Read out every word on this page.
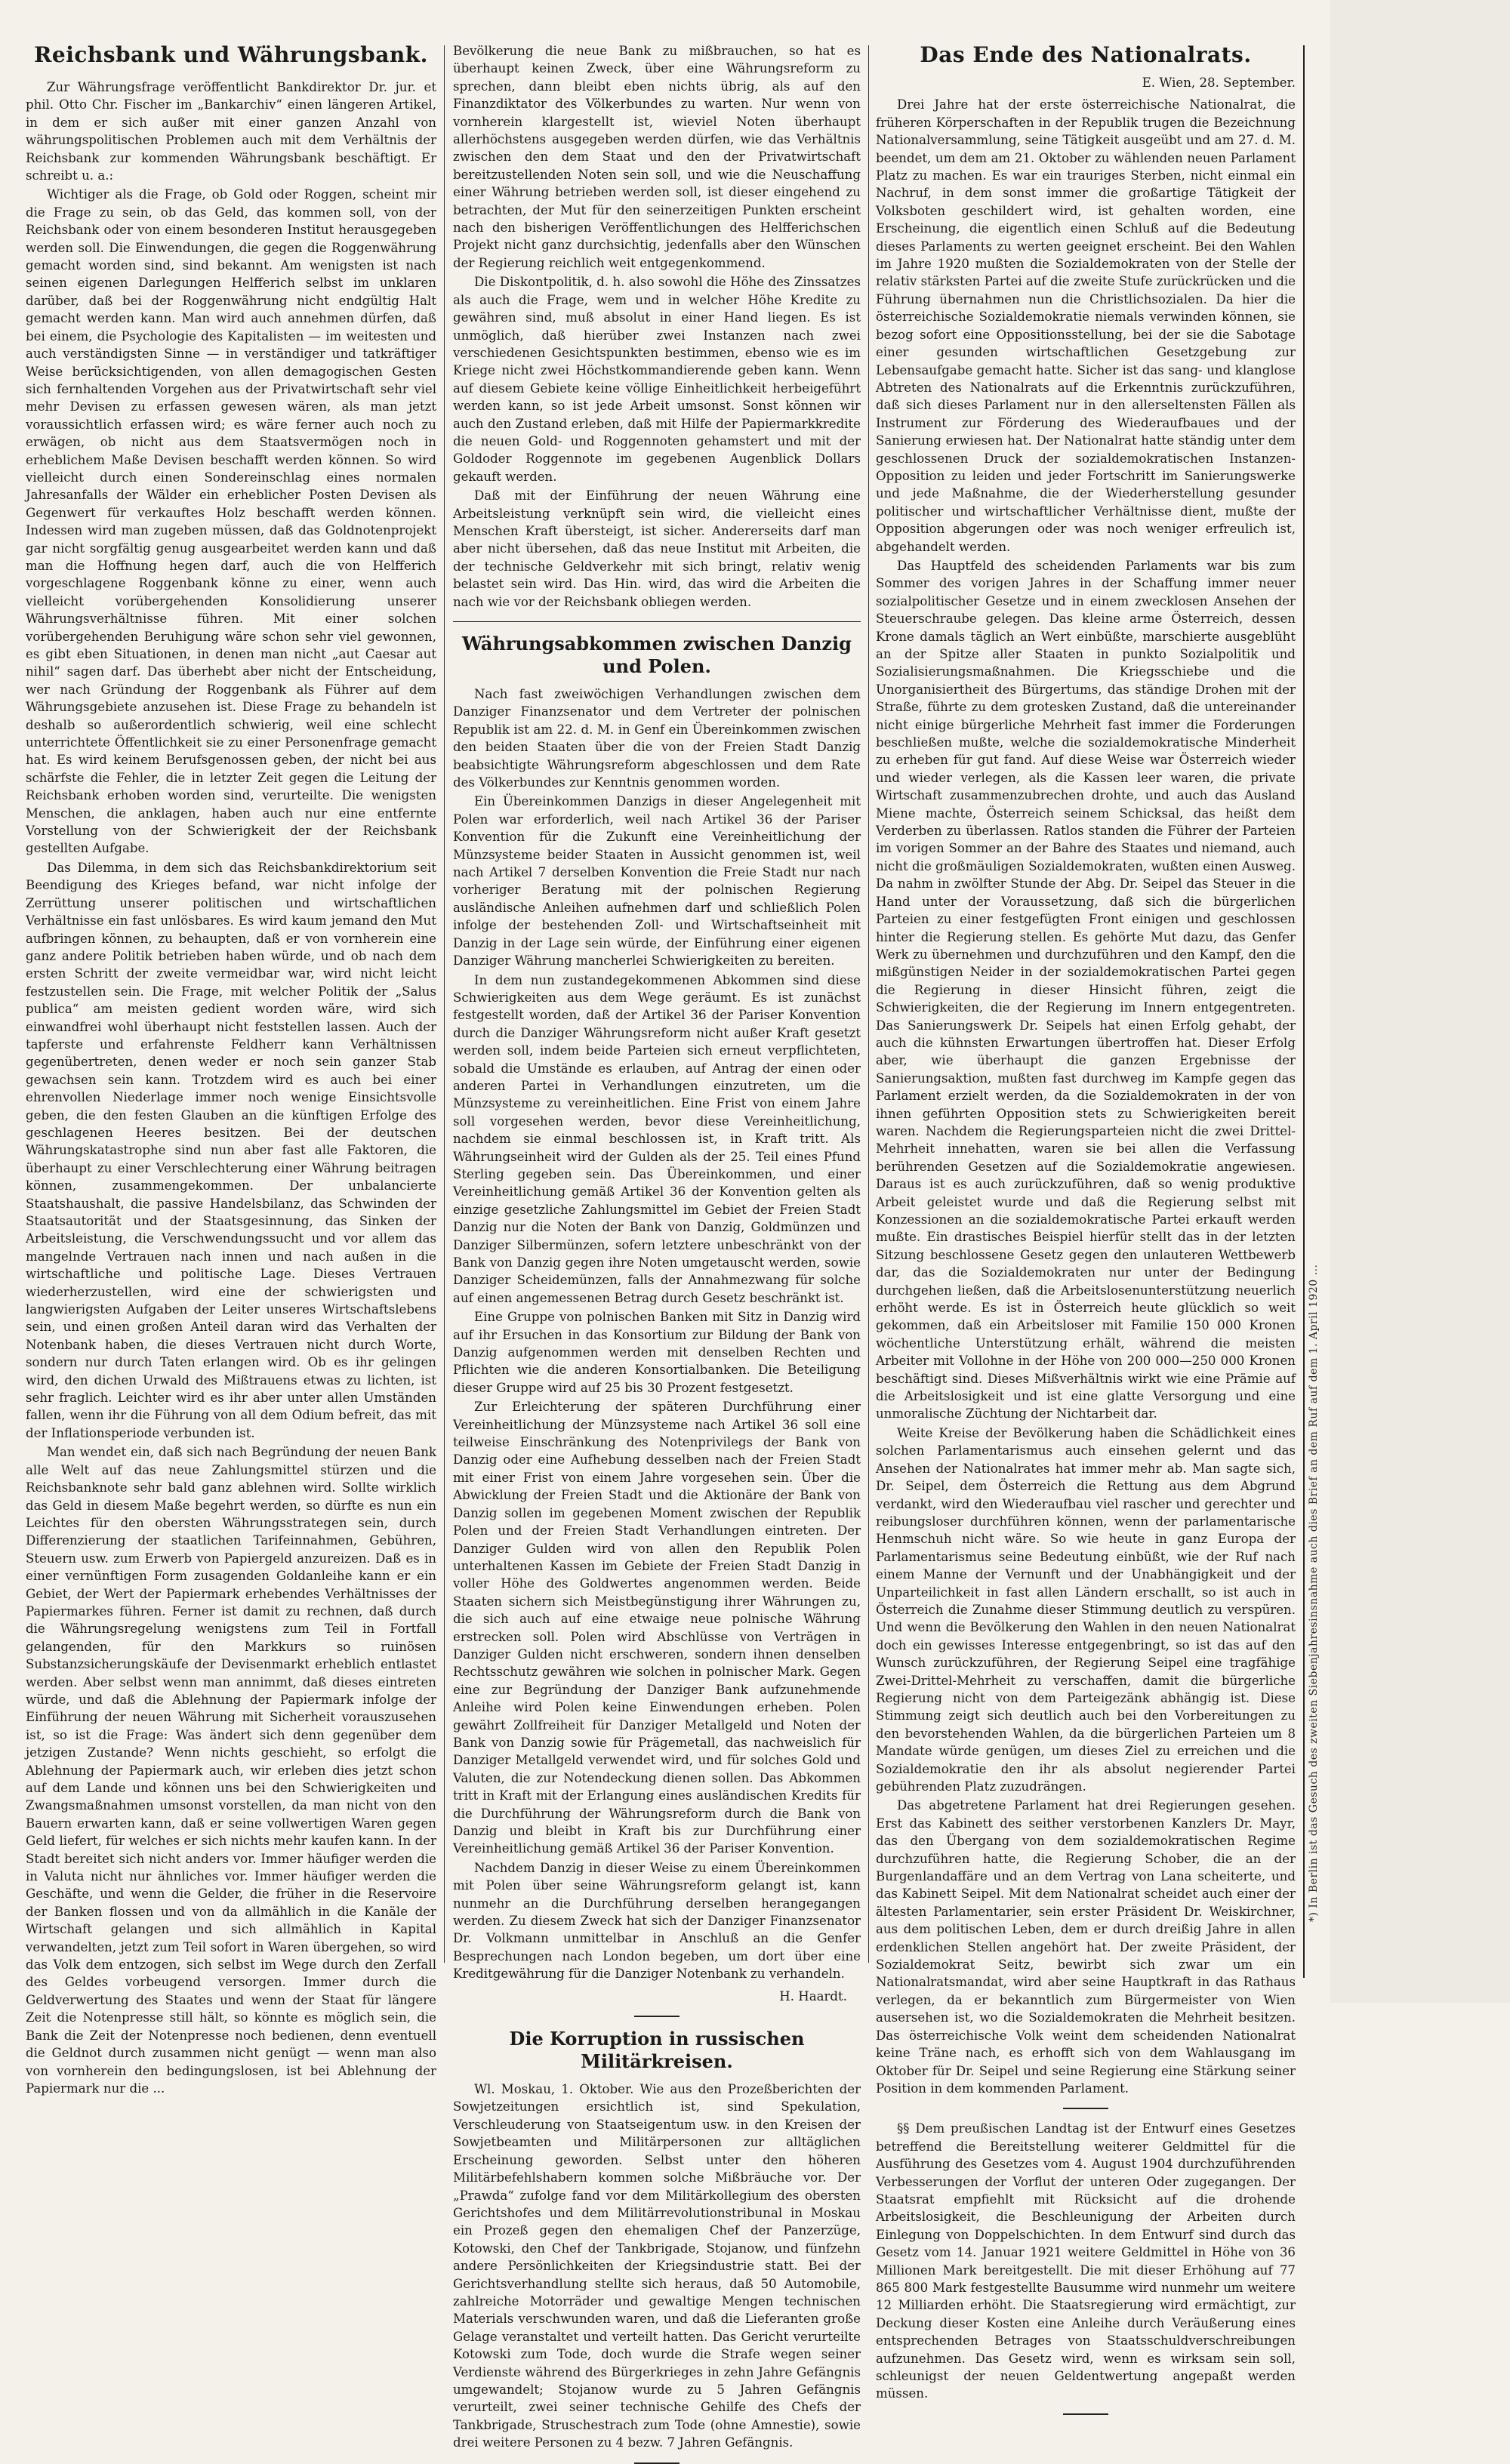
Reichsbank und Währungsbank.

Zur Währungsfrage veröffentlicht Bankdirektor Dr. jur. et phil. Otto Chr. Fischer im „Bankarchiv“ einen längeren Artikel, in dem er sich außer mit einer ganzen Anzahl von währungspolitischen Problemen auch mit dem Verhältnis der Reichsbank zur kommenden Währungsbank beschäftigt. Er schreibt u. a.:

Wichtiger als die Frage, ob Gold oder Roggen, scheint mir die Frage zu sein, ob das Geld, das kommen soll, von der Reichsbank oder von einem besonderen Institut herausgegeben werden soll. Die Einwendungen, die gegen die Roggenwährung gemacht worden sind, sind bekannt. Am wenigsten ist nach seinen eigenen Darlegungen Helfferich selbst im unklaren darüber, daß bei der Roggenwährung nicht endgültig Halt gemacht werden kann. Man wird auch annehmen dürfen, daß bei einem, die Psychologie des Kapitalisten — im weitesten und auch verständigsten Sinne — in verständiger und tatkräftiger Weise berücksichtigenden, von allen demagogischen Gesten sich fernhaltenden Vorgehen aus der Privatwirtschaft sehr viel mehr Devisen zu erfassen gewesen wären, als man jetzt voraussichtlich erfassen wird; es wäre ferner auch noch zu erwägen, ob nicht aus dem Staatsvermögen noch in erheblichem Maße Devisen beschafft werden können. So wird vielleicht durch einen Sondereinschlag eines normalen Jahresanfalls der Wälder ein erheblicher Posten Devisen als Gegenwert für verkauftes Holz beschafft werden können. Indessen wird man zugeben müssen, daß das Goldnotenprojekt gar nicht sorgfältig genug ausgearbeitet werden kann und daß man die Hoffnung hegen darf, auch die von Helfferich vorgeschlagene Roggenbank könne zu einer, wenn auch vielleicht vorübergehenden Konsolidierung unserer Währungsverhältnisse führen. Mit einer solchen vorübergehenden Beruhigung wäre schon sehr viel gewonnen, es gibt eben Situationen, in denen man nicht „aut Caesar aut nihil“ sagen darf. Das überhebt aber nicht der Entscheidung, wer nach Gründung der Roggenbank als Führer auf dem Währungsgebiete anzusehen ist. Diese Frage zu behandeln ist deshalb so außerordentlich schwierig, weil eine schlecht unterrichtete Öffentlichkeit sie zu einer Personenfrage gemacht hat. Es wird keinem Berufsgenossen geben, der nicht bei aus schärfste die Fehler, die in letzter Zeit gegen die Leitung der Reichsbank erhoben worden sind, verurteilte. Die wenigsten Menschen, die anklagen, haben auch nur eine entfernte Vorstellung von der Schwierigkeit der der Reichsbank gestellten Aufgabe.

Das Dilemma, in dem sich das Reichsbankdirektorium seit Beendigung des Krieges befand, war nicht infolge der Zerrüttung unserer politischen und wirtschaftlichen Verhältnisse ein fast unlösbares. Es wird kaum jemand den Mut aufbringen können, zu behaupten, daß er von vornherein eine ganz andere Politik betrieben haben würde, und ob nach dem ersten Schritt der zweite vermeidbar war, wird nicht leicht festzustellen sein. Die Frage, mit welcher Politik der „Salus publica“ am meisten gedient worden wäre, wird sich einwandfrei wohl überhaupt nicht feststellen lassen. Auch der tapferste und erfahrenste Feldherr kann Verhältnissen gegenübertreten, denen weder er noch sein ganzer Stab gewachsen sein kann. Trotzdem wird es auch bei einer ehrenvollen Niederlage immer noch wenige Einsichtsvolle geben, die den festen Glauben an die künftigen Erfolge des geschlagenen Heeres besitzen. Bei der deutschen Währungskatastrophe sind nun aber fast alle Faktoren, die überhaupt zu einer Verschlechterung einer Währung beitragen können, zusammengekommen. Der unbalancierte Staatshaushalt, die passive Handelsbilanz, das Schwinden der Staatsautorität und der Staatsgesinnung, das Sinken der Arbeitsleistung, die Verschwendungssucht und vor allem das mangelnde Vertrauen nach innen und nach außen in die wirtschaftliche und politische Lage. Dieses Vertrauen wiederherzustellen, wird eine der schwierigsten und langwierigsten Aufgaben der Leiter unseres Wirtschaftslebens sein, und einen großen Anteil daran wird das Verhalten der Notenbank haben, die dieses Vertrauen nicht durch Worte, sondern nur durch Taten erlangen wird. Ob es ihr gelingen wird, den dichen Urwald des Mißtrauens etwas zu lichten, ist sehr fraglich. Leichter wird es ihr aber unter allen Umständen fallen, wenn ihr die Führung von all dem Odium befreit, das mit der Inflationsperiode verbunden ist.

Man wendet ein, daß sich nach Begründung der neuen Bank alle Welt auf das neue Zahlungsmittel stürzen und die Reichsbanknote sehr bald ganz ablehnen wird. Sollte wirklich das Geld in diesem Maße begehrt werden, so dürfte es nun ein Leichtes für den obersten Währungsstrategen sein, durch Differenzierung der staatlichen Tarifeinnahmen, Gebühren, Steuern usw. zum Erwerb von Papiergeld anzureizen. Daß es in einer vernünftigen Form zusagenden Goldanleihe kann er ein Gebiet, der Wert der Papiermark erhebendes Verhältnisses der Papiermarkes führen. Ferner ist damit zu rechnen, daß durch die Währungsregelung wenigstens zum Teil in Fortfall gelangenden, für den Markkurs so ruinösen Substanzsicherungskäufe der Devisenmarkt erheblich entlastet werden. Aber selbst wenn man annimmt, daß dieses eintreten würde, und daß die Ablehnung der Papiermark infolge der Einführung der neuen Währung mit Sicherheit vorauszusehen ist, so ist die Frage: Was ändert sich denn gegenüber dem jetzigen Zustande? Wenn nichts geschieht, so erfolgt die Ablehnung der Papiermark auch, wir erleben dies jetzt schon auf dem Lande und können uns bei den Schwierigkeiten und Zwangsmaßnahmen umsonst vorstellen, da man nicht von den Bauern erwarten kann, daß er seine vollwertigen Waren gegen Geld liefert, für welches er sich nichts mehr kaufen kann. In der Stadt bereitet sich nicht anders vor. Immer häufiger werden die in Valuta nicht nur ähnliches vor. Immer häufiger werden die Geschäfte, und wenn die Gelder, die früher in die Reservoire der Banken flossen und von da allmählich in die Kanäle der Wirtschaft gelangen und sich allmählich in Kapital verwandelten, jetzt zum Teil sofort in Waren übergehen, so wird das Volk dem entzogen, sich selbst im Wege durch den Zerfall des Geldes vorbeugend versorgen. Immer durch die Geldverwertung des Staates und wenn der Staat für längere Zeit die Notenpresse still hält, so könnte es möglich sein, die Bank die Zeit der Notenpresse noch bedienen, denn eventuell die Geldnot durch zusammen nicht genügt — wenn man also von vornherein den bedingungslosen, ist bei Ablehnung der Papiermark nur die ...

Bevölkerung die neue Bank zu mißbrauchen, so hat es überhaupt keinen Zweck, über eine Währungsreform zu sprechen, dann bleibt eben nichts übrig, als auf den Finanzdiktator des Völkerbundes zu warten. Nur wenn von vornherein klargestellt ist, wieviel Noten überhaupt allerhöchstens ausgegeben werden dürfen, wie das Verhältnis zwischen den dem Staat und den der Privatwirtschaft bereitzustellenden Noten sein soll, und wie die Neuschaffung einer Währung betrieben werden soll, ist dieser eingehend zu betrachten, der Mut für den seinerzeitigen Punkten erscheint nach den bisherigen Veröffentlichungen des Helfferichschen Projekt nicht ganz durchsichtig, jedenfalls aber den Wünschen der Regierung reichlich weit entgegenkommend.

Die Diskontpolitik, d. h. also sowohl die Höhe des Zinssatzes als auch die Frage, wem und in welcher Höhe Kredite zu gewähren sind, muß absolut in einer Hand liegen. Es ist unmöglich, daß hierüber zwei Instanzen nach zwei verschiedenen Gesichtspunkten bestimmen, ebenso wie es im Kriege nicht zwei Höchstkommandierende geben kann. Wenn auf diesem Gebiete keine völlige Einheitlichkeit herbeigeführt werden kann, so ist jede Arbeit umsonst. Sonst können wir auch den Zustand erleben, daß mit Hilfe der Papiermarkkredite die neuen Gold- und Roggennoten gehamstert und mit der Goldoder Roggennote im gegebenen Augenblick Dollars gekauft werden.

Daß mit der Einführung der neuen Währung eine Arbeitsleistung verknüpft sein wird, die vielleicht eines Menschen Kraft übersteigt, ist sicher. Andererseits darf man aber nicht übersehen, daß das neue Institut mit Arbeiten, die der technische Geldverkehr mit sich bringt, relativ wenig belastet sein wird. Das Hin. wird, das wird die Arbeiten die nach wie vor der Reichsbank obliegen werden.

Währungsabkommen zwischen Danzig und Polen.

Nach fast zweiwöchigen Verhandlungen zwischen dem Danziger Finanzsenator und dem Vertreter der polnischen Republik ist am 22. d. M. in Genf ein Übereinkommen zwischen den beiden Staaten über die von der Freien Stadt Danzig beabsichtigte Währungsreform abgeschlossen und dem Rate des Völkerbundes zur Kenntnis genommen worden.

Ein Übereinkommen Danzigs in dieser Angelegenheit mit Polen war erforderlich, weil nach Artikel 36 der Pariser Konvention für die Zukunft eine Vereinheitlichung der Münzsysteme beider Staaten in Aussicht genommen ist, weil nach Artikel 7 derselben Konvention die Freie Stadt nur nach vorheriger Beratung mit der polnischen Regierung ausländische Anleihen aufnehmen darf und schließlich Polen infolge der bestehenden Zoll- und Wirtschaftseinheit mit Danzig in der Lage sein würde, der Einführung einer eigenen Danziger Währung mancherlei Schwierigkeiten zu bereiten.

In dem nun zustandegekommenen Abkommen sind diese Schwierigkeiten aus dem Wege geräumt. Es ist zunächst festgestellt worden, daß der Artikel 36 der Pariser Konvention durch die Danziger Währungsreform nicht außer Kraft gesetzt werden soll, indem beide Parteien sich erneut verpflichteten, sobald die Umstände es erlauben, auf Antrag der einen oder anderen Partei in Verhandlungen einzutreten, um die Münzsysteme zu vereinheitlichen. Eine Frist von einem Jahre soll vorgesehen werden, bevor diese Vereinheitlichung, nachdem sie einmal beschlossen ist, in Kraft tritt. Als Währungseinheit wird der Gulden als der 25. Teil eines Pfund Sterling gegeben sein. Das Übereinkommen, und einer Vereinheitlichung gemäß Artikel 36 der Konvention gelten als einzige gesetzliche Zahlungsmittel im Gebiet der Freien Stadt Danzig nur die Noten der Bank von Danzig, Goldmünzen und Danziger Silbermünzen, sofern letztere unbeschränkt von der Bank von Danzig gegen ihre Noten umgetauscht werden, sowie Danziger Scheidemünzen, falls der Annahmezwang für solche auf einen angemessenen Betrag durch Gesetz beschränkt ist.

Eine Gruppe von polnischen Banken mit Sitz in Danzig wird auf ihr Ersuchen in das Konsortium zur Bildung der Bank von Danzig aufgenommen werden mit denselben Rechten und Pflichten wie die anderen Konsortialbanken. Die Beteiligung dieser Gruppe wird auf 25 bis 30 Prozent festgesetzt.

Zur Erleichterung der späteren Durchführung einer Vereinheitlichung der Münzsysteme nach Artikel 36 soll eine teilweise Einschränkung des Notenprivilegs der Bank von Danzig oder eine Aufhebung desselben nach der Freien Stadt mit einer Frist von einem Jahre vorgesehen sein. Über die Abwicklung der Freien Stadt und die Aktionäre der Bank von Danzig sollen im gegebenen Moment zwischen der Republik Polen und der Freien Stadt Verhandlungen eintreten. Der Danziger Gulden wird von allen den Republik Polen unterhaltenen Kassen im Gebiete der Freien Stadt Danzig in voller Höhe des Goldwertes angenommen werden. Beide Staaten sichern sich Meistbegünstigung ihrer Währungen zu, die sich auch auf eine etwaige neue polnische Währung erstrecken soll. Polen wird Abschlüsse von Verträgen in Danziger Gulden nicht erschweren, sondern ihnen denselben Rechtsschutz gewähren wie solchen in polnischer Mark. Gegen eine zur Begründung der Danziger Bank aufzunehmende Anleihe wird Polen keine Einwendungen erheben. Polen gewährt Zollfreiheit für Danziger Metallgeld und Noten der Bank von Danzig sowie für Prägemetall, das nachweislich für Danziger Metallgeld verwendet wird, und für solches Gold und Valuten, die zur Notendeckung dienen sollen. Das Abkommen tritt in Kraft mit der Erlangung eines ausländischen Kredits für die Durchführung der Währungsreform durch die Bank von Danzig und bleibt in Kraft bis zur Durchführung einer Vereinheitlichung gemäß Artikel 36 der Pariser Konvention.

Nachdem Danzig in dieser Weise zu einem Übereinkommen mit Polen über seine Währungsreform gelangt ist, kann nunmehr an die Durchführung derselben herangegangen werden. Zu diesem Zweck hat sich der Danziger Finanzsenator Dr. Volkmann unmittelbar in Anschluß an die Genfer Besprechungen nach London begeben, um dort über eine Kreditgewährung für die Danziger Notenbank zu verhandeln.

H. Haardt.
Die Korruption in russischen Militärkreisen.

Wl. Moskau, 1. Oktober. Wie aus den Prozeßberichten der Sowjetzeitungen ersichtlich ist, sind Spekulation, Verschleuderung von Staatseigentum usw. in den Kreisen der Sowjetbeamten und Militärpersonen zur alltäglichen Erscheinung geworden. Selbst unter den höheren Militärbefehlshabern kommen solche Mißbräuche vor. Der „Prawda“ zufolge fand vor dem Militärkollegium des obersten Gerichtshofes und dem Militärrevolutionstribunal in Moskau ein Prozeß gegen den ehemaligen Chef der Panzerzüge, Kotowski, den Chef der Tankbrigade, Stojanow, und fünfzehn andere Persönlichkeiten der Kriegsindustrie statt. Bei der Gerichtsverhandlung stellte sich heraus, daß 50 Automobile, zahlreiche Motorräder und gewaltige Mengen technischen Materials verschwunden waren, und daß die Lieferanten große Gelage veranstaltet und verteilt hatten. Das Gericht verurteilte Kotowski zum Tode, doch wurde die Strafe wegen seiner Verdienste während des Bürgerkrieges in zehn Jahre Gefängnis umgewandelt; Stojanow wurde zu 5 Jahren Gefängnis verurteilt, zwei seiner technische Gehilfe des Chefs der Tankbrigade, Struschestrach zum Tode (ohne Amnestie), sowie drei weitere Personen zu 4 bezw. 7 Jahren Gefängnis.

Das Ende des Nationalrats.
E. Wien, 28. September.

Drei Jahre hat der erste österreichische Nationalrat, die früheren Körperschaften in der Republik trugen die Bezeichnung Nationalversammlung, seine Tätigkeit ausgeübt und am 27. d. M. beendet, um dem am 21. Oktober zu wählenden neuen Parlament Platz zu machen. Es war ein trauriges Sterben, nicht einmal ein Nachruf, in dem sonst immer die großartige Tätigkeit der Volksboten geschildert wird, ist gehalten worden, eine Erscheinung, die eigentlich einen Schluß auf die Bedeutung dieses Parlaments zu werten geeignet erscheint. Bei den Wahlen im Jahre 1920 mußten die Sozialdemokraten von der Stelle der relativ stärksten Partei auf die zweite Stufe zurückrücken und die Führung übernahmen nun die Christlichsozialen. Da hier die österreichische Sozialdemokratie niemals verwinden können, sie bezog sofort eine Oppositionsstellung, bei der sie die Sabotage einer gesunden wirtschaftlichen Gesetzgebung zur Lebensaufgabe gemacht hatte. Sicher ist das sang- und klanglose Abtreten des Nationalrats auf die Erkenntnis zurückzuführen, daß sich dieses Parlament nur in den allerseltensten Fällen als Instrument zur Förderung des Wiederaufbaues und der Sanierung erwiesen hat. Der Nationalrat hatte ständig unter dem geschlossenen Druck der sozialdemokratischen Instanzen-Opposition zu leiden und jeder Fortschritt im Sanierungswerke und jede Maßnahme, die der Wiederherstellung gesunder politischer und wirtschaftlicher Verhältnisse dient, mußte der Opposition abgerungen oder was noch weniger erfreulich ist, abgehandelt werden.

Das Hauptfeld des scheidenden Parlaments war bis zum Sommer des vorigen Jahres in der Schaffung immer neuer sozialpolitischer Gesetze und in einem zwecklosen Ansehen der Steuerschraube gelegen. Das kleine arme Österreich, dessen Krone damals täglich an Wert einbüßte, marschierte ausgeblüht an der Spitze aller Staaten in punkto Sozialpolitik und Sozialisierungsmaßnahmen. Die Kriegsschiebe und die Unorganisiertheit des Bürgertums, das ständige Drohen mit der Straße, führte zu dem grotesken Zustand, daß die untereinander nicht einige bürgerliche Mehrheit fast immer die Forderungen beschließen mußte, welche die sozialdemokratische Minderheit zu erheben für gut fand. Auf diese Weise war Österreich wieder und wieder verlegen, als die Kassen leer waren, die private Wirtschaft zusammenzubrechen drohte, und auch das Ausland Miene machte, Österreich seinem Schicksal, das heißt dem Verderben zu überlassen. Ratlos standen die Führer der Parteien im vorigen Sommer an der Bahre des Staates und niemand, auch nicht die großmäuligen Sozialdemokraten, wußten einen Ausweg. Da nahm in zwölfter Stunde der Abg. Dr. Seipel das Steuer in die Hand unter der Voraussetzung, daß sich die bürgerlichen Parteien zu einer festgefügten Front einigen und geschlossen hinter die Regierung stellen. Es gehörte Mut dazu, das Genfer Werk zu übernehmen und durchzuführen und den Kampf, den die mißgünstigen Neider in der sozialdemokratischen Partei gegen die Regierung in dieser Hinsicht führen, zeigt die Schwierigkeiten, die der Regierung im Innern entgegentreten. Das Sanierungswerk Dr. Seipels hat einen Erfolg gehabt, der auch die kühnsten Erwartungen übertroffen hat. Dieser Erfolg aber, wie überhaupt die ganzen Ergebnisse der Sanierungsaktion, mußten fast durchweg im Kampfe gegen das Parlament erzielt werden, da die Sozialdemokraten in der von ihnen geführten Opposition stets zu Schwierigkeiten bereit waren. Nachdem die Regierungsparteien nicht die zwei Drittel-Mehrheit innehatten, waren sie bei allen die Verfassung berührenden Gesetzen auf die Sozialdemokratie angewiesen. Daraus ist es auch zurückzuführen, daß so wenig produktive Arbeit geleistet wurde und daß die Regierung selbst mit Konzessionen an die sozialdemokratische Partei erkauft werden mußte. Ein drastisches Beispiel hierfür stellt das in der letzten Sitzung beschlossene Gesetz gegen den unlauteren Wettbewerb dar, das die Sozialdemokraten nur unter der Bedingung durchgehen ließen, daß die Arbeitslosenunterstützung neuerlich erhöht werde. Es ist in Österreich heute glücklich so weit gekommen, daß ein Arbeitsloser mit Familie 150 000 Kronen wöchentliche Unterstützung erhält, während die meisten Arbeiter mit Vollohne in der Höhe von 200 000—250 000 Kronen beschäftigt sind. Dieses Mißverhältnis wirkt wie eine Prämie auf die Arbeitslosigkeit und ist eine glatte Versorgung und eine unmoralische Züchtung der Nichtarbeit dar.

Weite Kreise der Bevölkerung haben die Schädlichkeit eines solchen Parlamentarismus auch einsehen gelernt und das Ansehen der Nationalrates hat immer mehr ab. Man sagte sich, Dr. Seipel, dem Österreich die Rettung aus dem Abgrund verdankt, wird den Wiederaufbau viel rascher und gerechter und reibungsloser durchführen können, wenn der parlamentarische Henmschuh nicht wäre. So wie heute in ganz Europa der Parlamentarismus seine Bedeutung einbüßt, wie der Ruf nach einem Manne der Vernunft und der Unabhängigkeit und der Unparteilichkeit in fast allen Ländern erschallt, so ist auch in Österreich die Zunahme dieser Stimmung deutlich zu verspüren. Und wenn die Bevölkerung den Wahlen in den neuen Nationalrat doch ein gewisses Interesse entgegenbringt, so ist das auf den Wunsch zurückzuführen, der Regierung Seipel eine tragfähige Zwei-Drittel-Mehrheit zu verschaffen, damit die bürgerliche Regierung nicht von dem Parteigezänk abhängig ist. Diese Stimmung zeigt sich deutlich auch bei den Vorbereitungen zu den bevorstehenden Wahlen, da die bürgerlichen Parteien um 8 Mandate würde genügen, um dieses Ziel zu erreichen und die Sozialdemokratie den ihr als absolut negierender Partei gebührenden Platz zuzudrängen.

Das abgetretene Parlament hat drei Regierungen gesehen. Erst das Kabinett des seither verstorbenen Kanzlers Dr. Mayr, das den Übergang von dem sozialdemokratischen Regime durchzuführen hatte, die Regierung Schober, die an der Burgenlandaffäre und an dem Vertrag von Lana scheiterte, und das Kabinett Seipel. Mit dem Nationalrat scheidet auch einer der ältesten Parlamentarier, sein erster Präsident Dr. Weiskirchner, aus dem politischen Leben, dem er durch dreißig Jahre in allen erdenklichen Stellen angehört hat. Der zweite Präsident, der Sozialdemokrat Seitz, bewirbt sich zwar um ein Nationalratsmandat, wird aber seine Hauptkraft in das Rathaus verlegen, da er bekanntlich zum Bürgermeister von Wien ausersehen ist, wo die Sozialdemokraten die Mehrheit besitzen. Das österreichische Volk weint dem scheidenden Nationalrat keine Träne nach, es erhofft sich von dem Wahlausgang im Oktober für Dr. Seipel und seine Regierung eine Stärkung seiner Position in dem kommenden Parlament.

§§ Dem preußischen Landtag ist der Entwurf eines Gesetzes betreffend die Bereitstellung weiterer Geldmittel für die Ausführung des Gesetzes vom 4. August 1904 durchzuführenden Verbesserungen der Vorflut der unteren Oder zugegangen. Der Staatsrat empfiehlt mit Rücksicht auf die drohende Arbeitslosigkeit, die Beschleunigung der Arbeiten durch Einlegung von Doppelschichten. In dem Entwurf sind durch das Gesetz vom 14. Januar 1921 weitere Geldmittel in Höhe von 36 Millionen Mark bereitgestellt. Die mit dieser Erhöhung auf 77 865 800 Mark festgestellte Bausumme wird nunmehr um weitere 12 Milliarden erhöht. Die Staatsregierung wird ermächtigt, zur Deckung dieser Kosten eine Anleihe durch Veräußerung eines entsprechenden Betrages von Staatsschuldverschreibungen aufzunehmen. Das Gesetz wird, wenn es wirksam sein soll, schleunigst der neuen Geldentwertung angepaßt werden müssen.

*) In Berlin ist das Gesuch des zweiten Siebenjahresinsnahme auch dies Brief an dem Ruf auf dem 1. April 1920 ...
